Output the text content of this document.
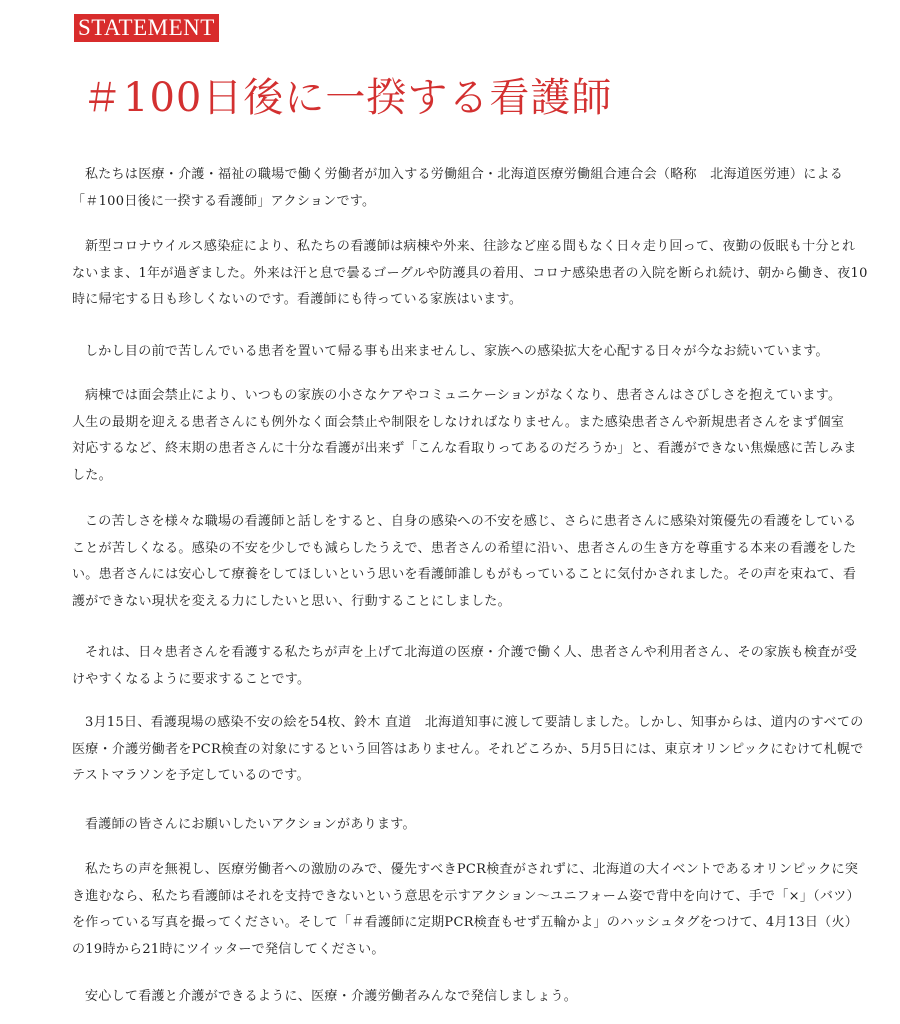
STATEMENT
＃100日後に一揆する看護師

私たちは医療・介護・福祉の職場で働く労働者が加入する労働組合・北海道医療労働組合連合会（略称　北海道医労連）による
「＃100日後に一揆する看護師」アクションです。

新型コロナウイルス感染症により、私たちの看護師は病棟や外来、往診など座る間もなく日々走り回って、夜勤の仮眠も十分とれ
ないまま、1年が過ぎました。外来は汗と息で曇るゴーグルや防護具の着用、コロナ感染患者の入院を断られ続け、朝から働き、夜10
時に帰宅する日も珍しくないのです。看護師にも待っている家族はいます。

しかし目の前で苦しんでいる患者を置いて帰る事も出来ませんし、家族への感染拡大を心配する日々が今なお続いています。

病棟では面会禁止により、いつもの家族の小さなケアやコミュニケーションがなくなり、患者さんはさびしさを抱えています。
人生の最期を迎える患者さんにも例外なく面会禁止や制限をしなければなりません。また感染患者さんや新規患者さんをまず個室
対応するなど、終末期の患者さんに十分な看護が出来ず「こんな看取りってあるのだろうか」と、看護ができない焦燥感に苦しみま
した。

この苦しさを様々な職場の看護師と話しをすると、自身の感染への不安を感じ、さらに患者さんに感染対策優先の看護をしている
ことが苦しくなる。感染の不安を少しでも減らしたうえで、患者さんの希望に沿い、患者さんの生き方を尊重する本来の看護をした
い。患者さんには安心して療養をしてほしいという思いを看護師誰しもがもっていることに気付かされました。その声を束ねて、看
護ができない現状を変える力にしたいと思い、行動することにしました。

それは、日々患者さんを看護する私たちが声を上げて北海道の医療・介護で働く人、患者さんや利用者さん、その家族も検査が受
けやすくなるように要求することです。

3月15日、看護現場の感染不安の絵を54枚、鈴木 直道　北海道知事に渡して要請しました。しかし、知事からは、道内のすべての
医療・介護労働者をPCR検査の対象にするという回答はありません。それどころか、5月5日には、東京オリンピックにむけて札幌で
テストマラソンを予定しているのです。

看護師の皆さんにお願いしたいアクションがあります。

私たちの声を無視し、医療労働者への激励のみで、優先すべきPCR検査がされずに、北海道の大イベントであるオリンピックに突
き進むなら、私たち看護師はそれを支持できないという意思を示すアクション〜ユニフォーム姿で背中を向けて、手で「×」（バツ）
を作っている写真を撮ってください。そして「＃看護師に定期PCR検査もせず五輪かよ」のハッシュタグをつけて、4月13日（火）
の19時から21時にツイッターで発信してください。

安心して看護と介護ができるように、医療・介護労働者みんなで発信しましょう。
